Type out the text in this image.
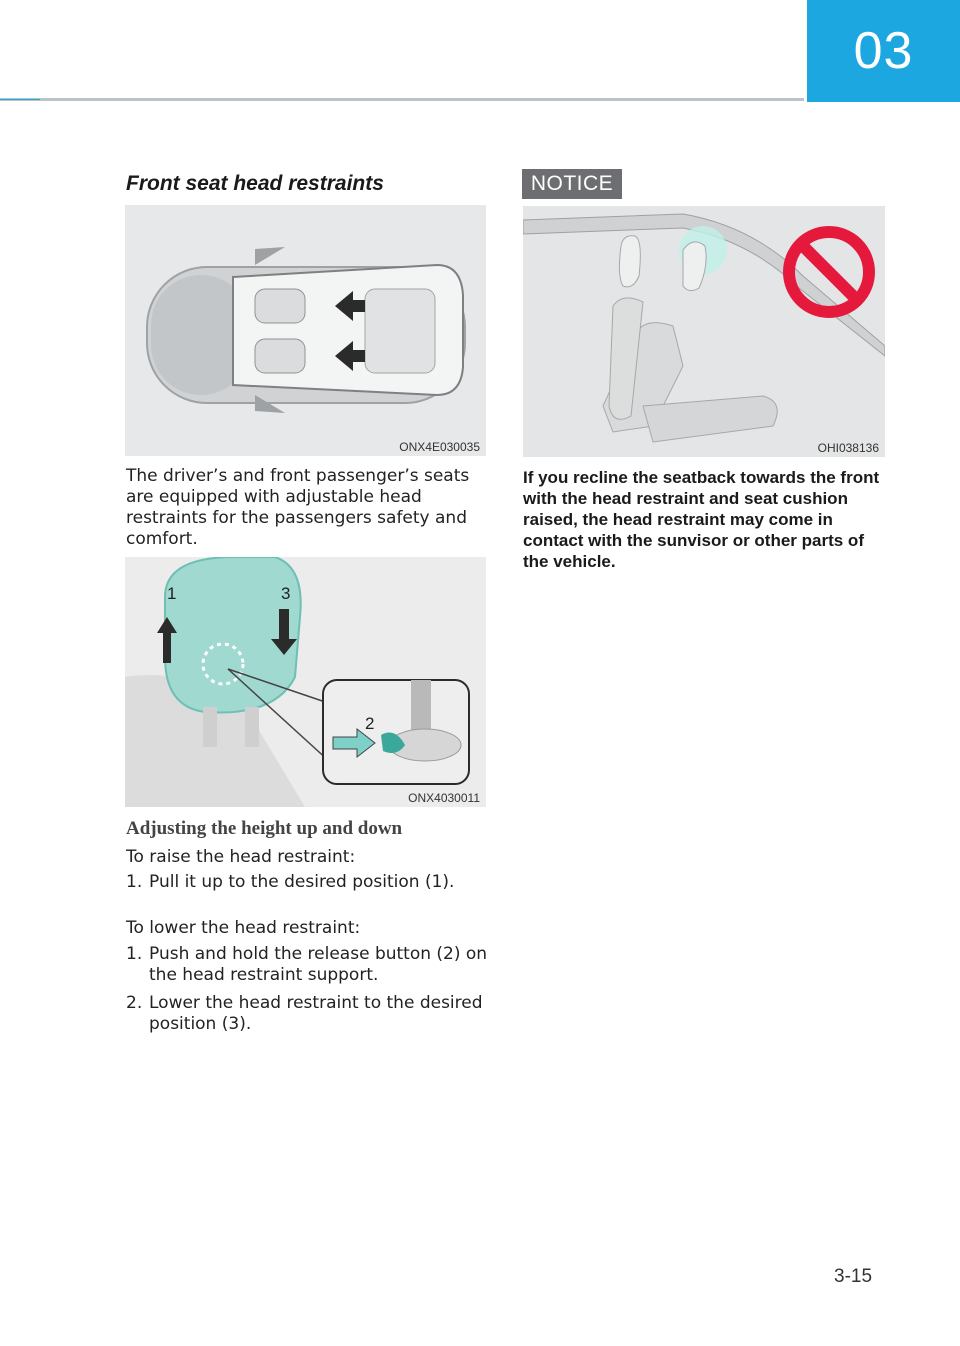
03
Front seat head restraints
ONX4E030035
The driver’s and front passenger’s seats are equipped with adjustable head restraints for the passengers safety and comfort.
1	3
2
ONX4030011
Adjusting the height up and down
To raise the head restraint:
1. Pull it up to the desired position (1).
To lower the head restraint:
1. Push and hold the release button (2) on the head restraint support.
2. Lower the head restraint to the desired position (3).
NOTICE
OHI038136
If you recline the seatback towards the front with the head restraint and seat cushion raised, the head restraint may come in contact with the sunvisor or other parts of the vehicle.
3-15
